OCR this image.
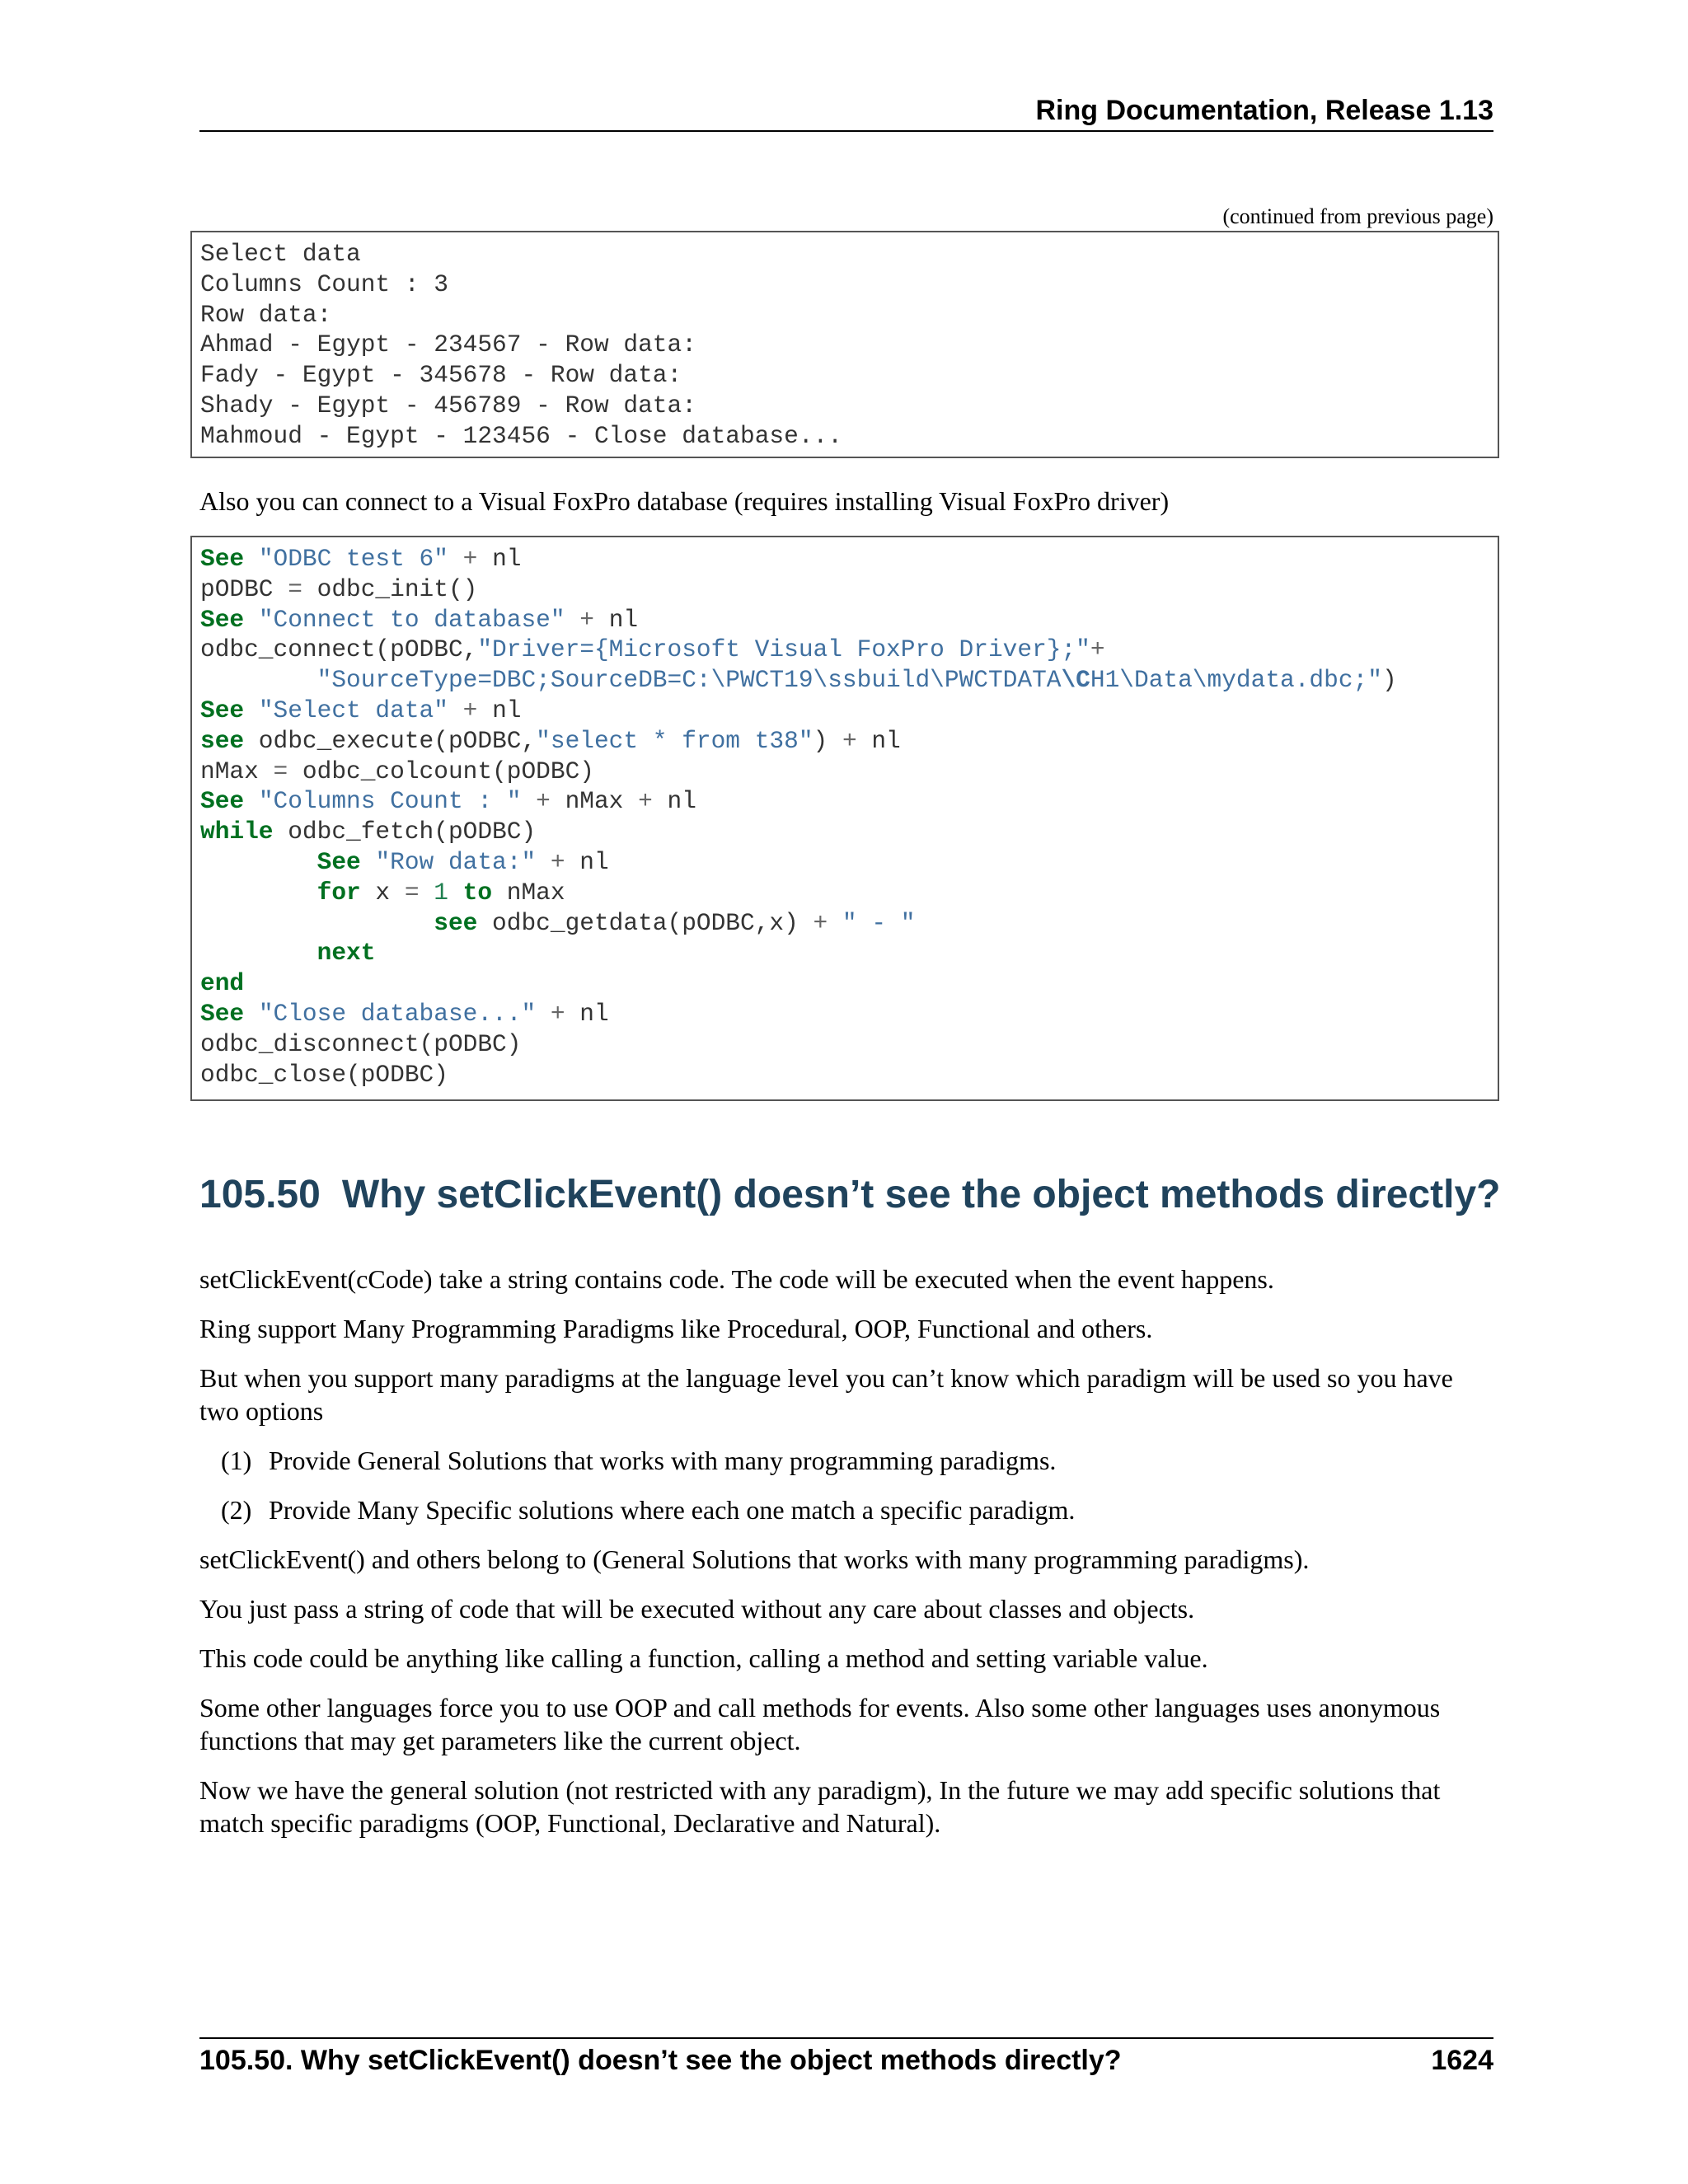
Ring Documentation, Release 1.13
(continued from previous page)
Select data
Columns Count : 3
Row data:
Ahmad - Egypt - 234567 - Row data:
Fady - Egypt - 345678 - Row data:
Shady - Egypt - 456789 - Row data:
Mahmoud - Egypt - 123456 - Close database...
Also you can connect to a Visual FoxPro database (requires installing Visual FoxPro driver)
See "ODBC test 6" + nl
pODBC = odbc_init()
See "Connect to database" + nl
odbc_connect(pODBC,"Driver={Microsoft Visual FoxPro Driver};"+
"SourceType=DBC;SourceDB=C:\PWCT19\ssbuild\PWCTDATA\CH1\Data\mydata.dbc;")
See "Select data" + nl
see odbc_execute(pODBC,"select * from t38") + nl
nMax = odbc_colcount(pODBC)
See "Columns Count : " + nMax + nl
while odbc_fetch(pODBC)
See "Row data:" + nl
for x = 1 to nMax
see odbc_getdata(pODBC,x) + " - "
next
end
See "Close database..." + nl
odbc_disconnect(pODBC)
odbc_close(pODBC)
105.50 Why setClickEvent() doesn’t see the object methods directly?
setClickEvent(cCode) take a string contains code. The code will be executed when the event happens.
Ring support Many Programming Paradigms like Procedural, OOP, Functional and others.
But when you support many paradigms at the language level you can’t know which paradigm will be used so you have two options
(1) Provide General Solutions that works with many programming paradigms.
(2) Provide Many Specific solutions where each one match a specific paradigm.
setClickEvent() and others belong to (General Solutions that works with many programming paradigms).
You just pass a string of code that will be executed without any care about classes and objects.
This code could be anything like calling a function, calling a method and setting variable value.
Some other languages force you to use OOP and call methods for events. Also some other languages uses anonymous functions that may get parameters like the current object.
Now we have the general solution (not restricted with any paradigm), In the future we may add specific solutions that match specific paradigms (OOP, Functional, Declarative and Natural).
105.50. Why setClickEvent() doesn’t see the object methods directly?	1624
